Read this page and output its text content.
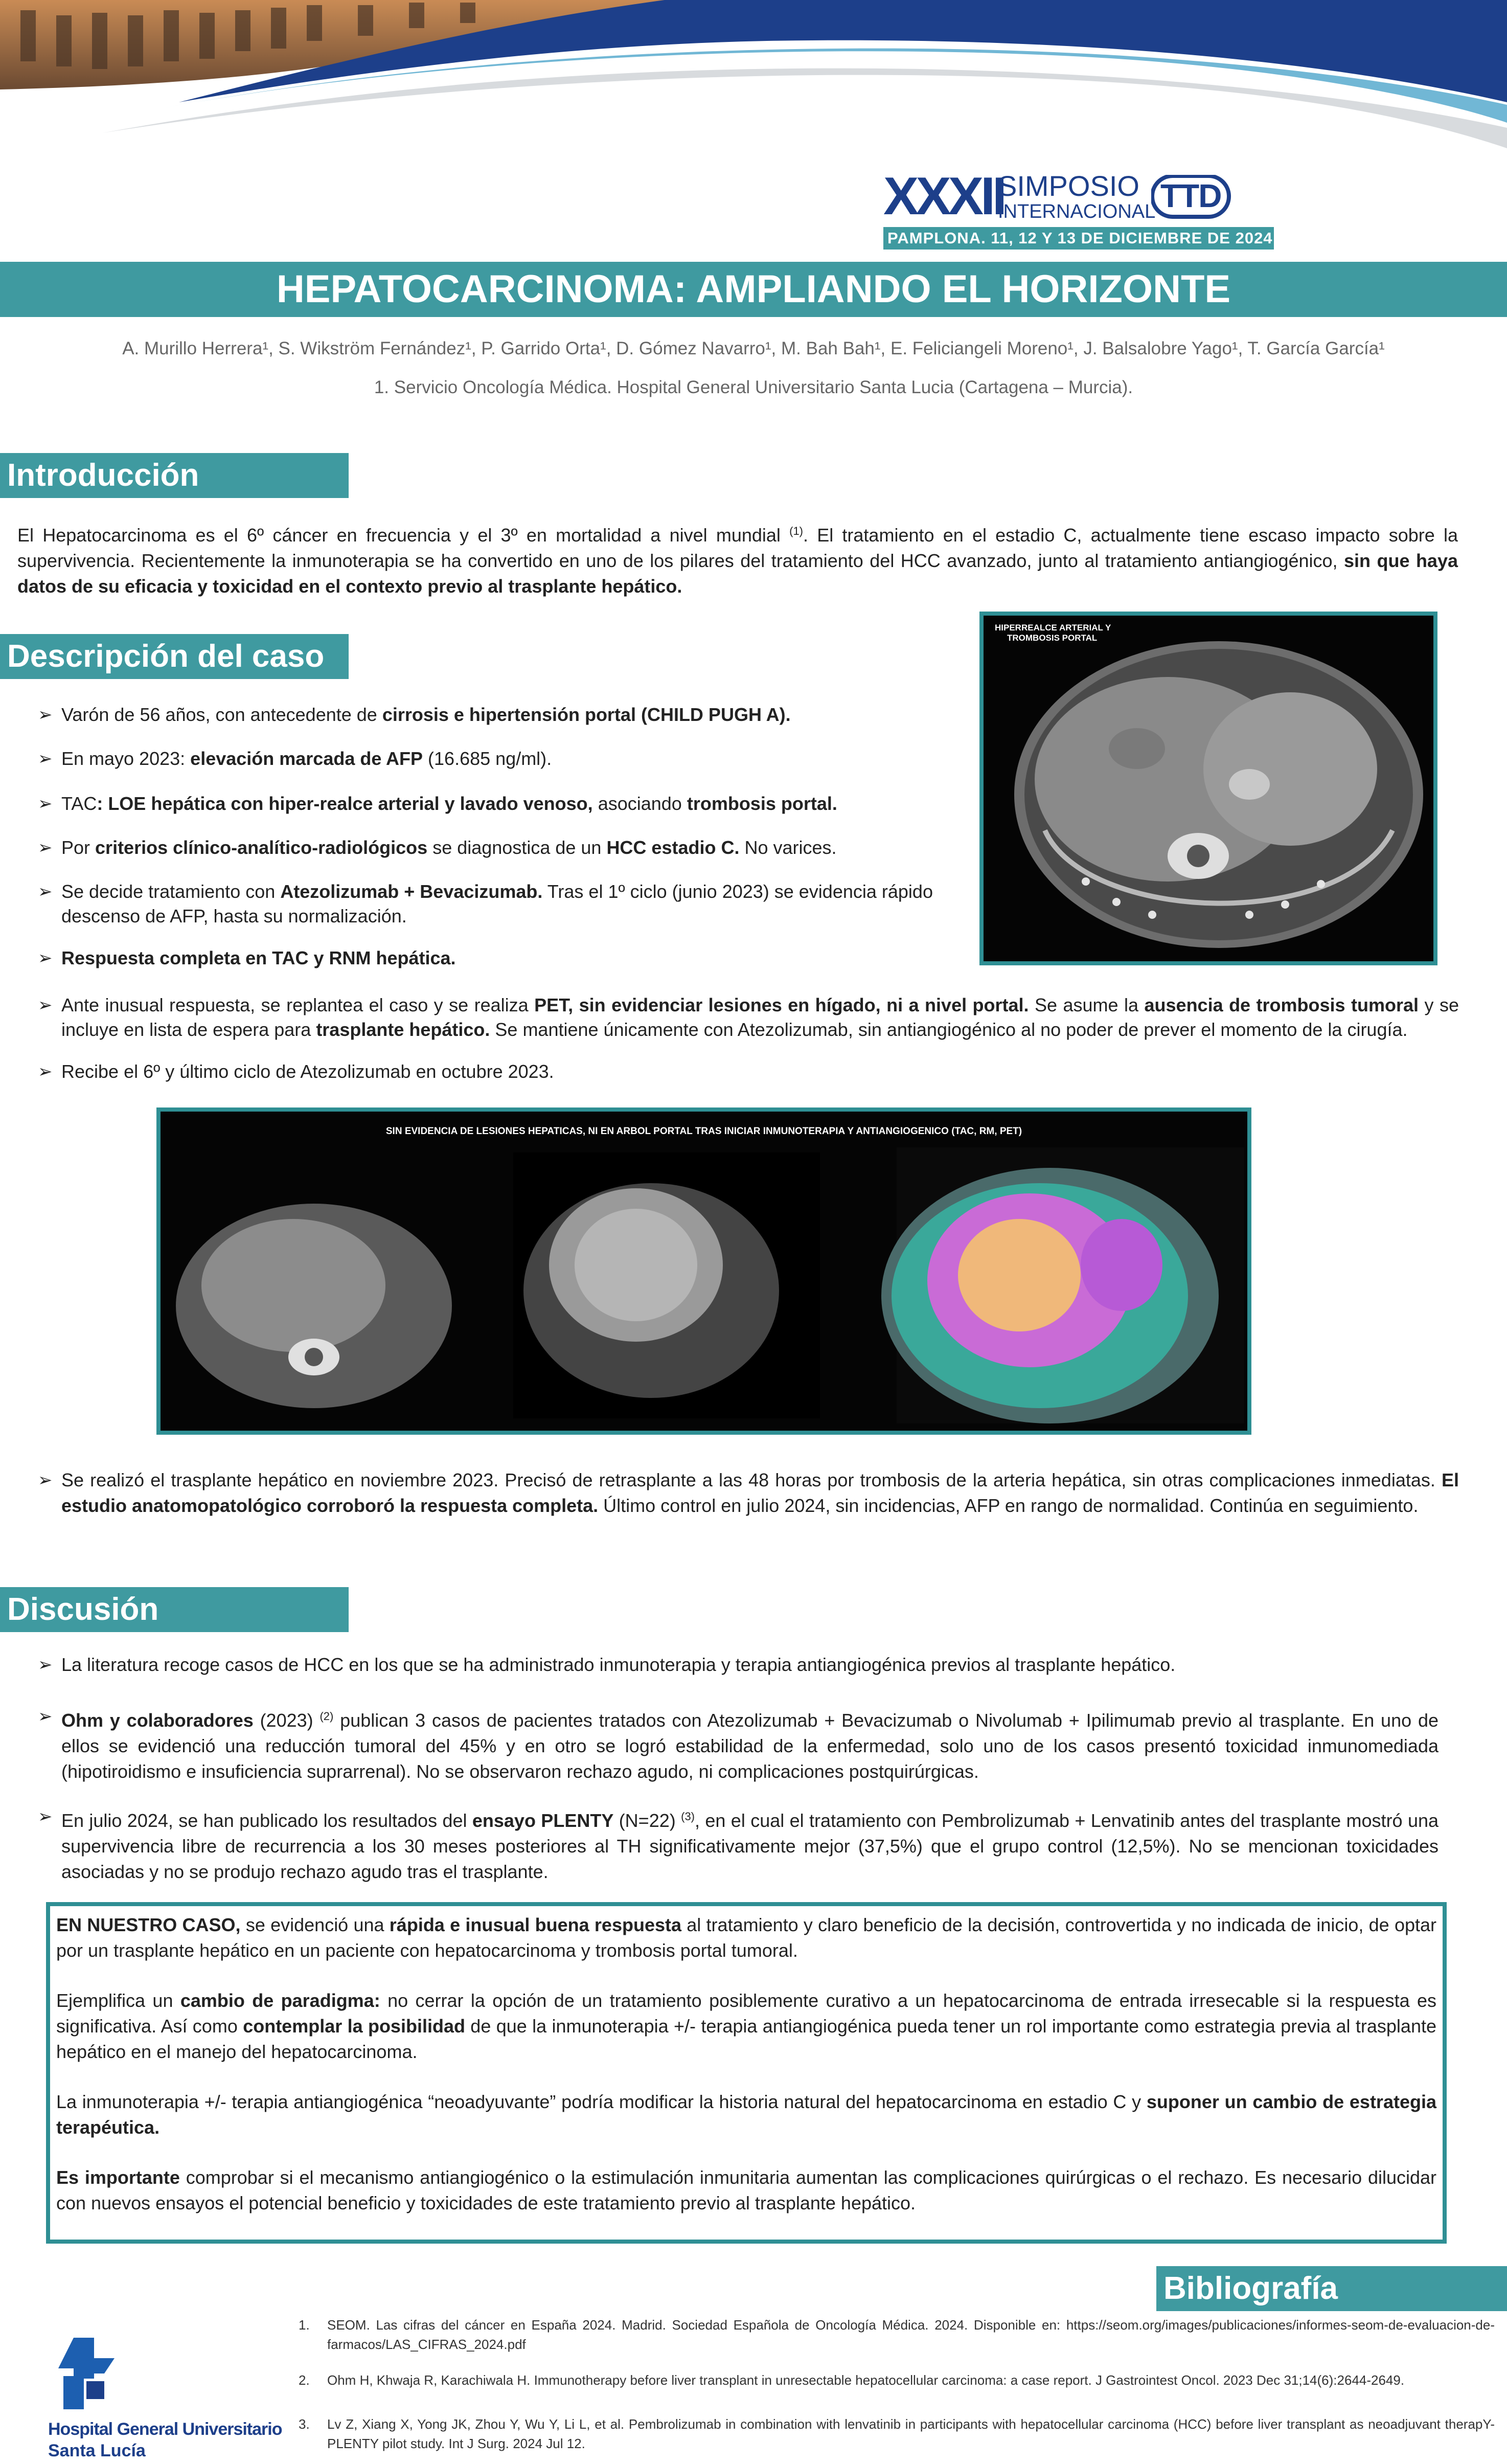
XXXII
SIMPOSIO
INTERNACIONAL TTD
PAMPLONA. 11, 12 Y 13 DE DICIEMBRE DE 2024
HEPATOCARCINOMA: AMPLIANDO EL HORIZONTE
A. Murillo Herrera¹, S. Wikström Fernández¹, P. Garrido Orta¹, D. Gómez Navarro¹, M. Bah Bah¹, E. Feliciangeli Moreno¹, J. Balsalobre Yago¹, T. García García¹
1. Servicio Oncología Médica. Hospital General Universitario Santa Lucia (Cartagena – Murcia).
Introducción
El Hepatocarcinoma es el 6º cáncer en frecuencia y el 3º en mortalidad a nivel mundial $^{(1)}$. El tratamiento en el estadio C, actualmente tiene escaso impacto sobre la supervivencia. Recientemente la inmunoterapia se ha convertido en uno de los pilares del tratamiento del HCC avanzado, junto al tratamiento antiangiogénico, sin que haya datos de su eficacia y toxicidad en el contexto previo al trasplante hepático.
Descripción del caso
➢ Varón de 56 años, con antecedente de cirrosis e hipertensión portal (CHILD PUGH A).
➢ En mayo 2023: elevación marcada de AFP (16.685 ng/ml).
➢ TAC: LOE hepática con hiper-realce arterial y lavado venoso, asociando trombosis portal.
➢ Por criterios clínico-analítico-radiológicos se diagnostica de un HCC estadio C. No varices.
➢ Se decide tratamiento con Atezolizumab + Bevacizumab. Tras el 1º ciclo (junio 2023) se evidencia rápido descenso de AFP, hasta su normalización.
➢ Respuesta completa en TAC y RNM hepática.
HIPERREALCE ARTERIAL Y
TROMBOSIS PORTAL
➢ Ante inusual respuesta, se replantea el caso y se realiza PET, sin evidenciar lesiones en hígado, ni a nivel portal. Se asume la ausencia de trombosis tumoral y se incluye en lista de espera para trasplante hepático. Se mantiene únicamente con Atezolizumab, sin antiangiogénico al no poder de prever el momento de la cirugía.
➢ Recibe el 6º y último ciclo de Atezolizumab en octubre 2023.
SIN EVIDENCIA DE LESIONES HEPATICAS, NI EN ARBOL PORTAL TRAS INICIAR INMUNOTERAPIA Y ANTIANGIOGENICO (TAC, RM, PET)
➢ Se realizó el trasplante hepático en noviembre 2023. Precisó de retrasplante a las 48 horas por trombosis de la arteria hepática, sin otras complicaciones inmediatas. El estudio anatomopatológico corroboró la respuesta completa. Último control en julio 2024, sin incidencias, AFP en rango de normalidad. Continúa en seguimiento.
Discusión
➢ La literatura recoge casos de HCC en los que se ha administrado inmunoterapia y terapia antiangiogénica previos al trasplante hepático.
➢ Ohm y colaboradores (2023) $^{(2)}$ publican 3 casos de pacientes tratados con Atezolizumab + Bevacizumab o Nivolumab + Ipilimumab previo al trasplante. En uno de ellos se evidenció una reducción tumoral del 45% y en otro se logró estabilidad de la enfermedad, solo uno de los casos presentó toxicidad inmunomediada (hipotiroidismo e insuficiencia suprarrenal). No se observaron rechazo agudo, ni complicaciones postquirúrgicas.
➢ En julio 2024, se han publicado los resultados del ensayo PLENTY (N=22) $^{(3)}$, en el cual el tratamiento con Pembrolizumab + Lenvatinib antes del trasplante mostró una supervivencia libre de recurrencia a los 30 meses posteriores al TH significativamente mejor (37,5%) que el grupo control (12,5%). No se mencionan toxicidades asociadas y no se produjo rechazo agudo tras el trasplante.
EN NUESTRO CASO, se evidenció una rápida e inusual buena respuesta al tratamiento y claro beneficio de la decisión, controvertida y no indicada de inicio, de optar por un trasplante hepático en un paciente con hepatocarcinoma y trombosis portal tumoral.
Ejemplifica un cambio de paradigma: no cerrar la opción de un tratamiento posiblemente curativo a un hepatocarcinoma de entrada irresecable si la respuesta es significativa. Así como contemplar la posibilidad de que la inmunoterapia +/- terapia antiangiogénica pueda tener un rol importante como estrategia previa al trasplante hepático en el manejo del hepatocarcinoma.
La inmunoterapia +/- terapia antiangiogénica “neoadyuvante” podría modificar la historia natural del hepatocarcinoma en estadio C y suponer un cambio de estrategia terapéutica.
Es importante comprobar si el mecanismo antiangiogénico o la estimulación inmunitaria aumentan las complicaciones quirúrgicas o el rechazo. Es necesario dilucidar con nuevos ensayos el potencial beneficio y toxicidades de este tratamiento previo al trasplante hepático.
Bibliografía
1. SEOM. Las cifras del cáncer en España 2024. Madrid. Sociedad Española de Oncología Médica. 2024. Disponible en: https://seom.org/images/publicaciones/informes-seom-de-evaluacion-de-farmacos/LAS_CIFRAS_2024.pdf
2. Ohm H, Khwaja R, Karachiwala H. Immunotherapy before liver transplant in unresectable hepatocellular carcinoma: a case report. J Gastrointest Oncol. 2023 Dec 31;14(6):2644-2649.
3. Lv Z, Xiang X, Yong JK, Zhou Y, Wu Y, Li L, et al. Pembrolizumab in combination with lenvatinib in participants with hepatocellular carcinoma (HCC) before liver transplant as neoadjuvant therapY-PLENTY pilot study. Int J Surg. 2024 Jul 12.
Hospital General Universitario
Santa Lucía
